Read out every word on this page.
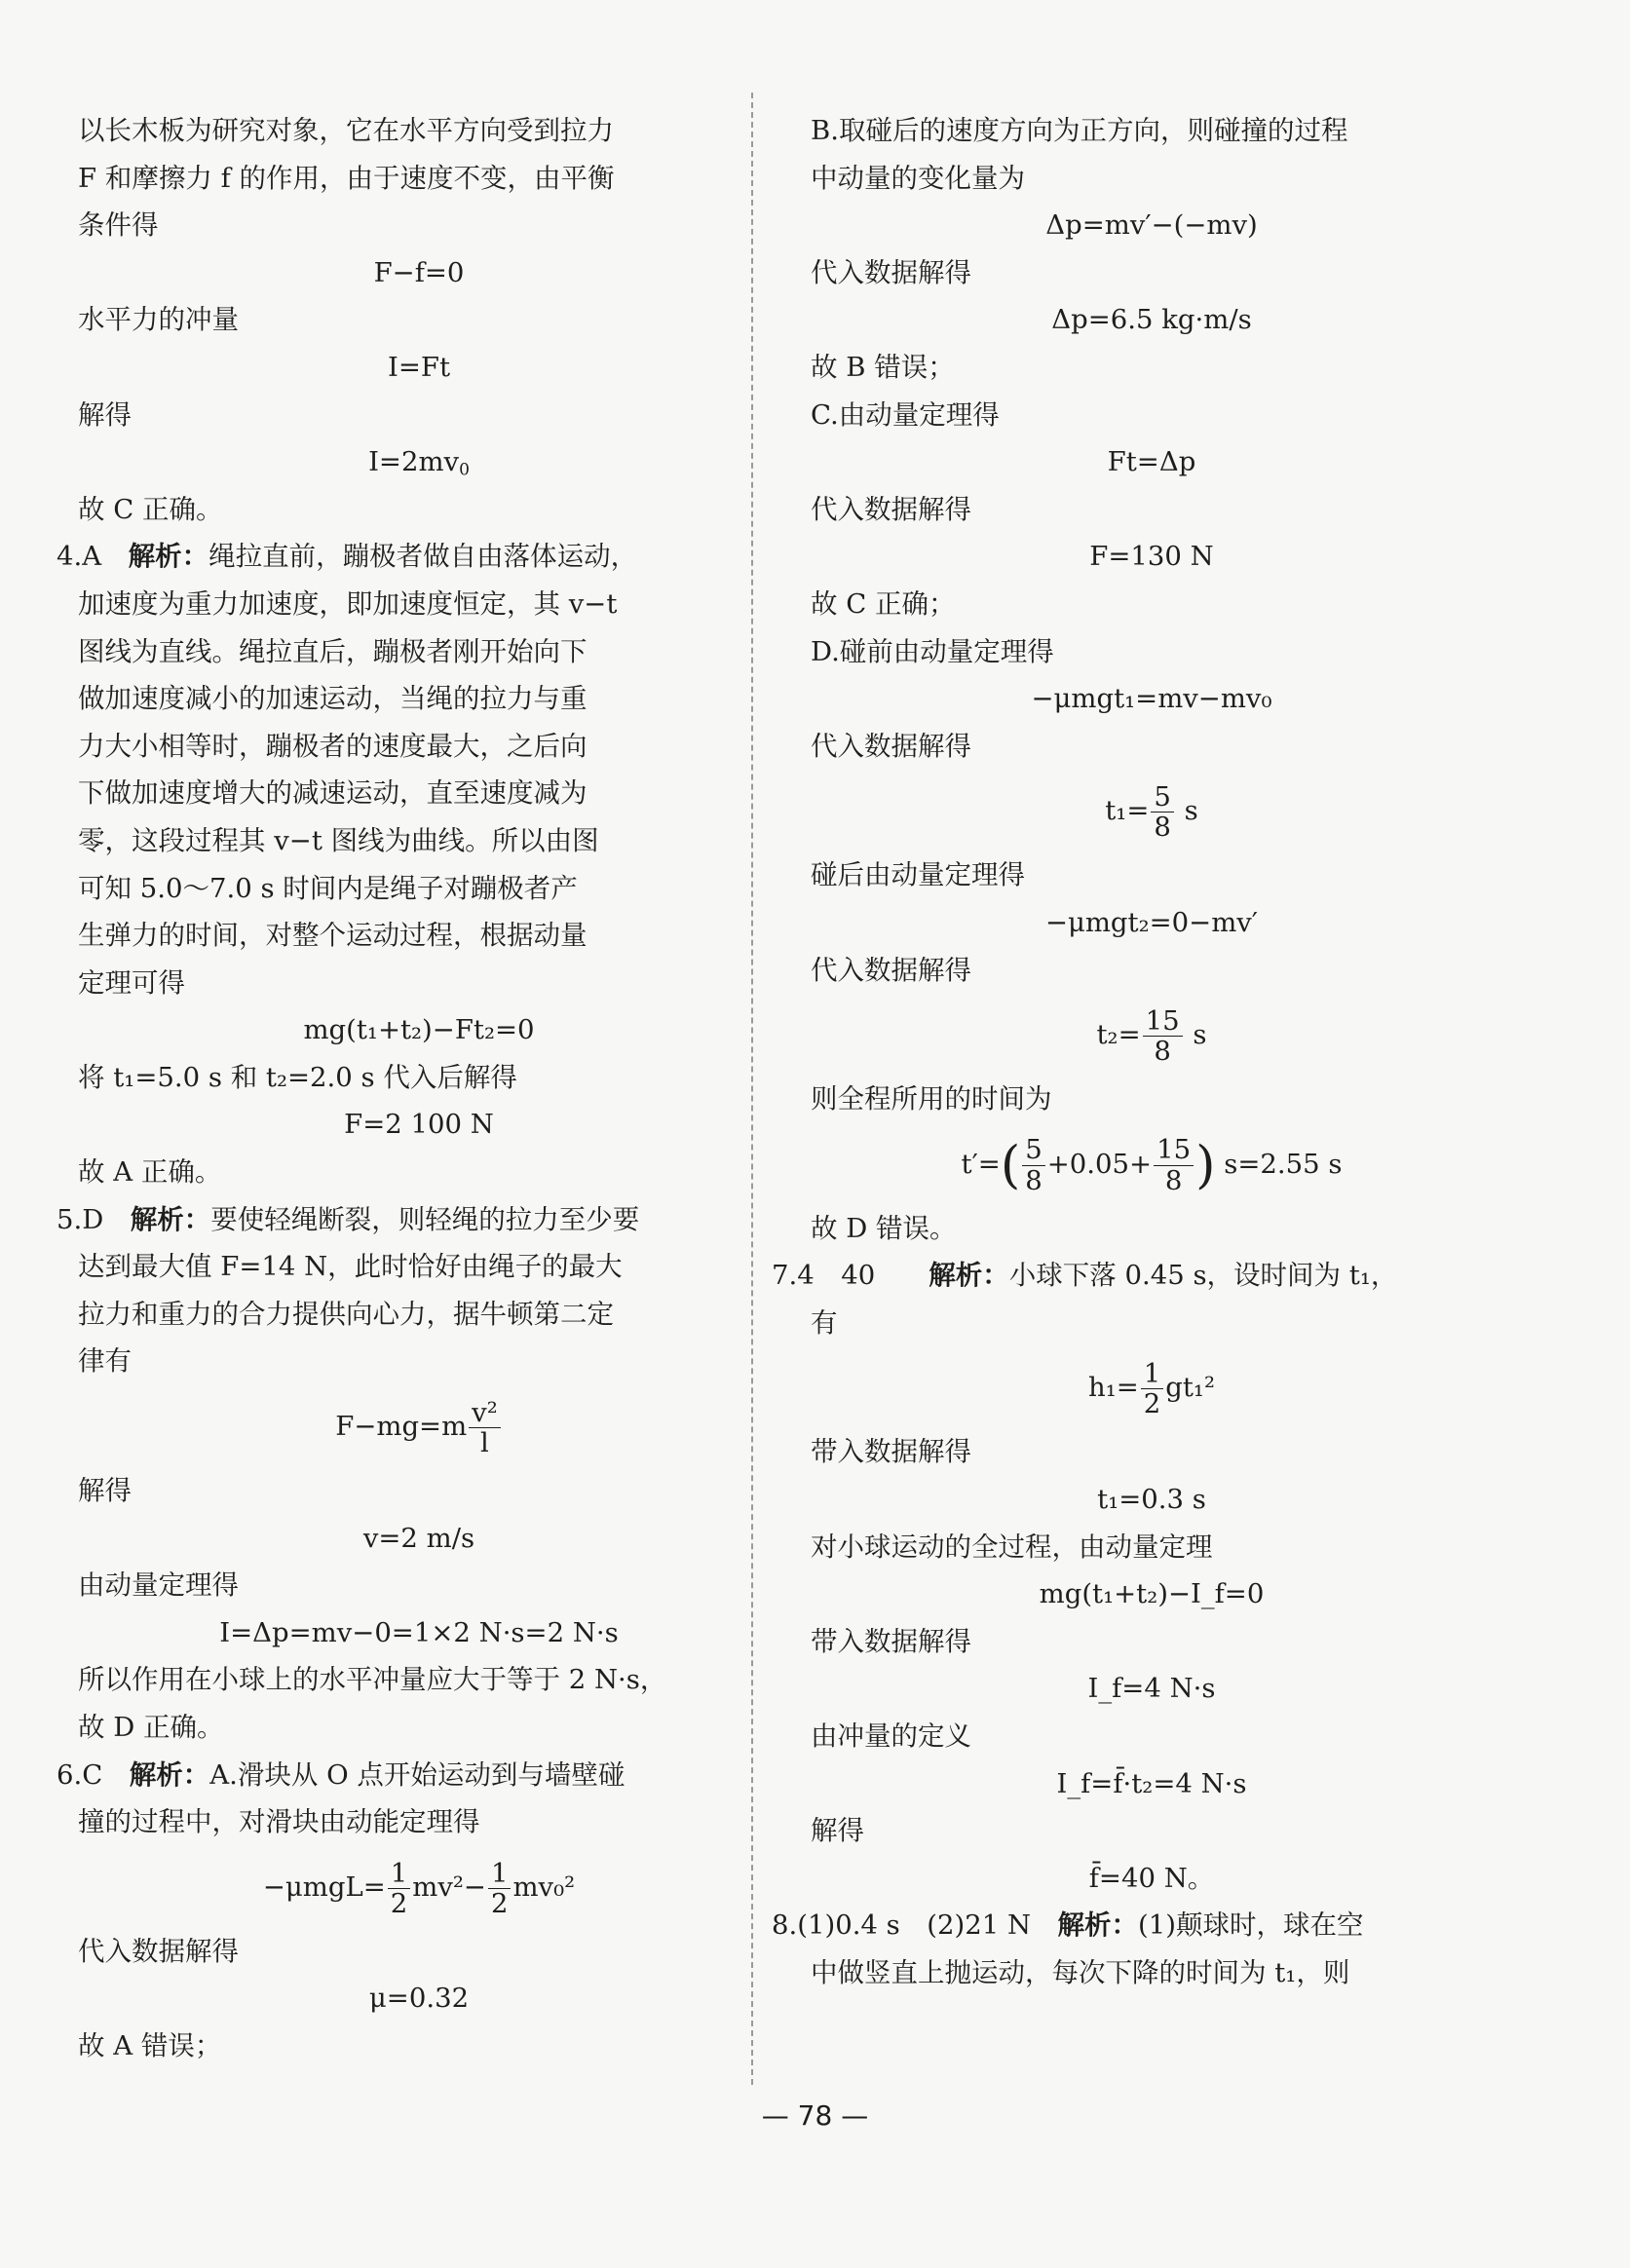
以长木板为研究对象，它在水平方向受到拉力
F 和摩擦力 f 的作用，由于速度不变，由平衡
条件得
F−f=0
水平力的冲量
I=Ft
解得
$I=2mv_0$
故 C 正确。
4.A　 解析：绳拉直前，蹦极者做自由落体运动，
加速度为重力加速度，即加速度恒定，其 v−t
图线为直线。绳拉直后，蹦极者刚开始向下
做加速度减小的加速运动，当绳的拉力与重
力大小相等时，蹦极者的速度最大，之后向
下做加速度增大的减速运动，直至速度减为
零，这段过程其 v−t 图线为曲线。所以由图
可知 5.0～7.0 s 时间内是绳子对蹦极者产
生弹力的时间，对整个运动过程，根据动量
定理可得
mg(t₁+t₂)−Ft₂=0
将 t₁=5.0 s 和 t₂=2.0 s 代入后解得
F=2 100 N
故 A 正确。
5.D　 解析：要使轻绳断裂，则轻绳的拉力至少要
达到最大值 F=14 N，此时恰好由绳子的最大
拉力和重力的合力提供向心力，据牛顿第二定
律有
$F-mg=m \frac{\text{v²}}{l}$
解得
v=2 m/s
由动量定理得
I=Δp=mv−0=1×2 N·s=2 N·s
所以作用在小球上的水平冲量应大于等于 2 N·s，
故 D 正确。
6.C　 解析：A.滑块从 O 点开始运动到与墙壁碰
撞的过程中，对滑块由动能定理得
$-\mu mgL= \frac{1}{2} mv^2- \frac{1}{2} mv_0^2$
代入数据解得
μ=0.32
故 A 错误；
B.取碰后的速度方向为正方向，则碰撞的过程
中动量的变化量为
Δp=mv′−(−mv)
代入数据解得
Δp=6.5 kg·m/s
故 B 错误；
C.由动量定理得
Ft=Δp
代入数据解得
F=130 N
故 C 正确；
D.碰前由动量定理得
−μmgt₁=mv−mv₀
代入数据解得
$t_1= \frac{5}{8}$ s
碰后由动量定理得
−μmgt₂=0−mv′
代入数据解得
$t_2= \frac{15}{8}$ s
则全程所用的时间为
$t'=( \frac{5}{8} +0.05+ \frac{15}{8}$ ) s=2.55 s
故 D 错误。
7.4　40　　 解析：小球下落 0.45 s，设时间为 t₁，
有
$h_1= \frac{1}{2} gt_1^2$
带入数据解得
t₁=0.3 s
对小球运动的全过程，由动量定理
mg(t₁+t₂)−I_f=0
带入数据解得
I_f=4 N·s
由冲量的定义
I_f=f̄·t₂=4 N·s
解得
f̄=40 N。
8.(1)0.4 s　(2)21 N　 解析：(1)颠球时，球在空
中做竖直上抛运动，每次下降的时间为 t₁，则
— 78 —
